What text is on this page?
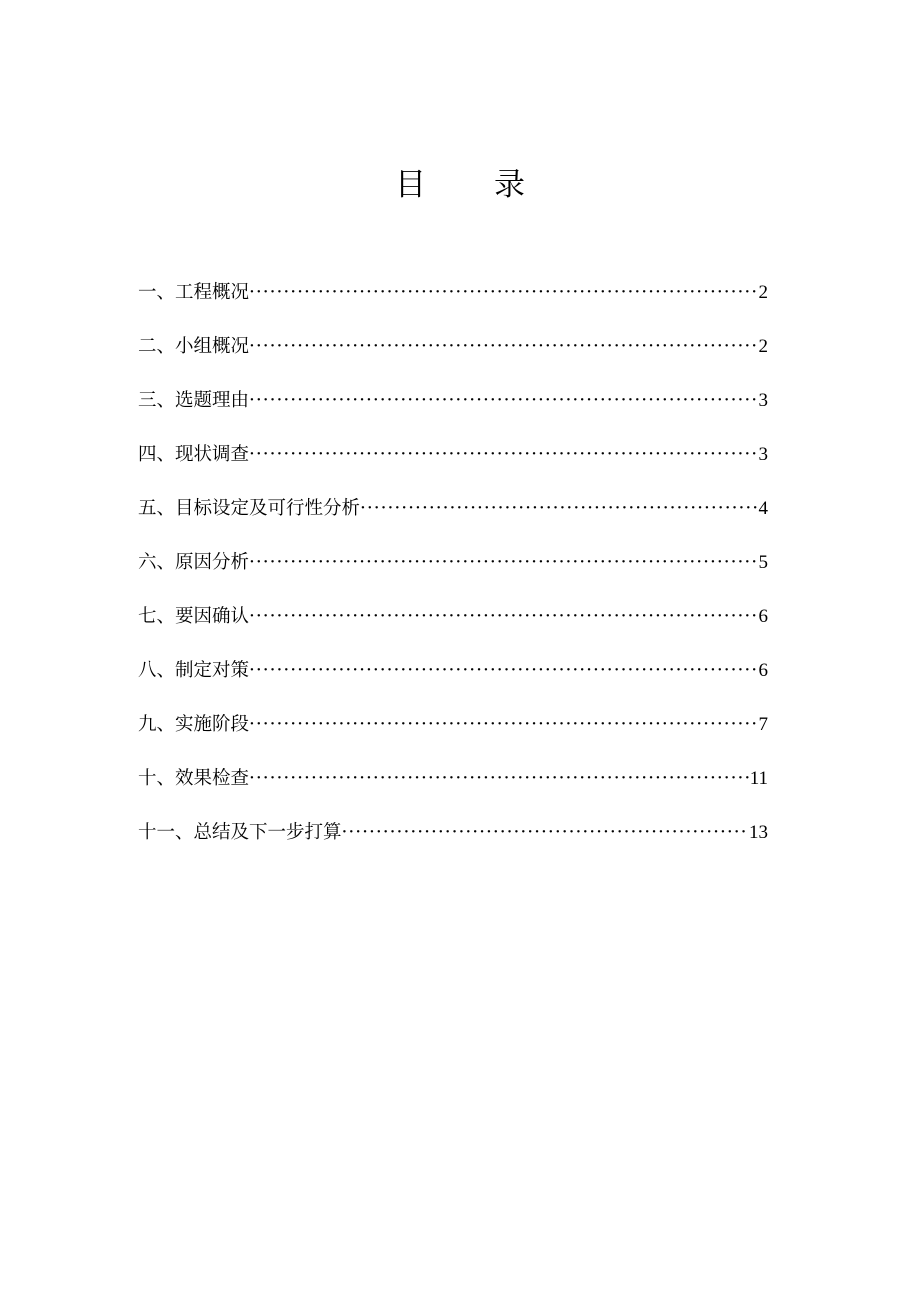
目 录
一、工程概况 ·····	2
二、小组概况 ·····	2
三、选题理由 ·····	3
四、现状调查 ·····	3
五、目标设定及可行性分析 ·····	4
六、原因分析 ·····	5
七、要因确认 ·····	6
八、制定对策 ·····	6
九、实施阶段 ·····	7
十、效果检查 ·····	11
十一、总结及下一步打算 ·····	13
